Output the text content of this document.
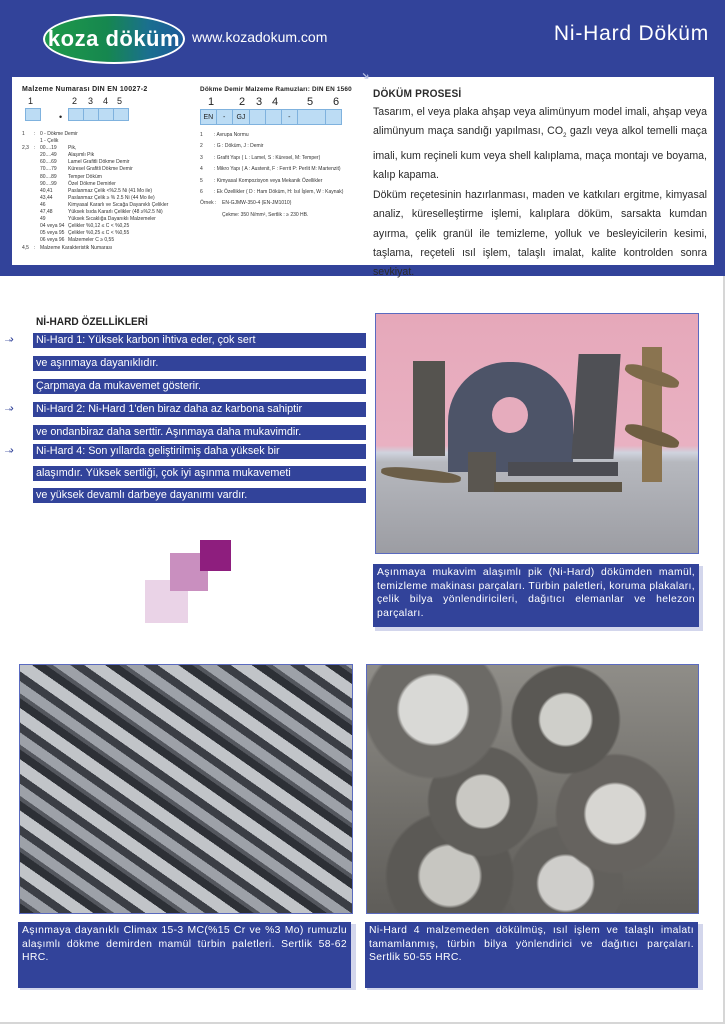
koza döküm www.kozadokum.com	Ni-Hard Döküm
Malzeme Numarası DIN EN 10027-2
1	2 3 4 5
•
1	: 0 - Dökme Demir
1 - Çelik
2,3	: 00....19	Pik,
20....49	Alaşımlı Pik
60....69	Lamel Grafitli Dökme Demir
70....79	Küresel Grafitli Dökme Demir
80....89	Temper Döküm
90....99	Özel Dökme Demirler
40,41	Paslanmaz Çelik <%2.5 Ni (41 Mo ile)
43,44	Paslanmaz Çelik ≥ % 2.5 Ni (44 Mo ile)
46	Kimyasal Kararlı ve Sıcağa Dayanıklı Çelikler
47,48	Yüksek Isıda Kararlı Çelikler (48 ≥%2.5 Ni)
49	Yüksek Sıcaklığa Dayanıklı Malzemeler
04 veya 94 Çelikler %0,12 ≤ C < %0,25
05 veya 95 Çelikler %0,25 ≤ C < %0,55
06 veya 96 Malzemeler C ≥ 0,55
4,5	: Malzeme Karakteristik Numarası
Dökme Demir Malzeme Ramuzları: DIN EN 1560
1 2 3 4	5 6
EN	-	GJ	-
1	: Avrupa Normu
2	: G : Döküm, J : Demir
3	: Grafit Yapı ( L : Lamel, S : Küresel, M: Temper)
4	: Mikro Yapı ( A : Austenit, F : Ferrit P: Perlit M: Martenzit)
5	: Kimyasal Kompozisyon veya Mekanik Özellikler
6	: Ek Özellikler ( D : Ham Döküm, H: Isıl İşlem, W : Kaynak)
Örnek :	EN-GJMW-350-4 (EN-JM1010)
Çekme: 350 N/mm², Sertlik : ≥ 230 HB.
➔
DÖKÜM PROSESİ

Tasarım, el veya plaka ahşap veya alimünyum model imali, ahşap veya alimünyum maça sandığı yapılması, $CO_2$ gazlı veya alkol temelli maça imali, kum reçineli kum veya shell kalıplama, maça montajı ve boyama, kalıp kapama.

Döküm reçetesinin hazırlanması, maden ve katkıları ergitme, kimyasal analiz, küreselleştirme işlemi, kalıplara döküm, sarsakta kumdan ayırma, çelik granül ile temizleme, yolluk ve besleyicilerin kesimi, taşlama, reçeteli ısıl işlem, talaşlı imalat, kalite kontrolden sonra sevkiyat.

Nİ-HARD ÖZELLİKLERİ
Ni-Hard 1: Yüksek karbon ihtiva eder, çok sert
→››
ve aşınmaya dayanıklıdır.
Çarpmaya da mukavemet gösterir.
Ni-Hard 2: Ni-Hard 1'den biraz daha az karbona sahiptir
→››
ve ondanbiraz daha serttir. Aşınmaya daha mukavimdir.
Ni-Hard 4: Son yıllarda geliştirilmiş daha yüksek bir
→››
alaşımdır. Yüksek sertliği, çok iyi aşınma mukavemeti
ve yüksek devamlı darbeye dayanımı vardır.
Aşınmaya mukavim alaşımlı pik (Ni-Hard) dökümden mamül, temizleme makinası parçaları. Türbin paletleri, koruma plakaları, çelik bilya yönlendiricileri, dağıtıcı elemanlar ve helezon parçaları.
Aşınmaya dayanıklı Climax 15-3 MC(%15 Cr ve %3 Mo) rumuzlu alaşımlı dökme demirden mamül türbin paletleri. Sertlik 58-62 HRC.
Ni-Hard 4 malzemeden dökülmüş, ısıl işlem ve talaşlı imalatı tamamlanmış, türbin bilya yönlendirici ve dağıtıcı parçaları. Sertlik 50-55 HRC.
